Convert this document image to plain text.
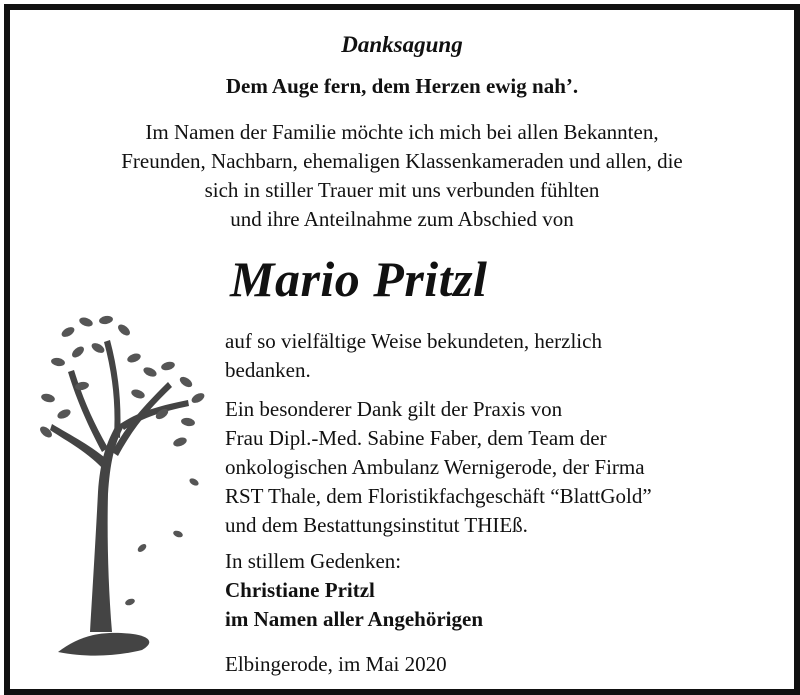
Danksagung
Dem Auge fern, dem Herzen ewig nah’.

Im Namen der Familie möchte ich mich bei allen Bekannten,

Freunden, Nachbarn, ehemaligen Klassenkameraden und allen, die

sich in stiller Trauer mit uns verbunden fühlten

und ihre Anteilnahme zum Abschied von

Mario Pritzl

auf so vielfältige Weise bekundeten, herzlich

bedanken.

Ein besonderer Dank gilt der Praxis von

Frau Dipl.-Med. Sabine Faber, dem Team der

onkologischen Ambulanz Wernigerode, der Firma

RST Thale, dem Floristikfachgeschäft “BlattGold”

und dem Bestattungsinstitut THIEß.

In stillem Gedenken:

Christiane Pritzl

im Namen aller Angehörigen

Elbingerode, im Mai 2020
